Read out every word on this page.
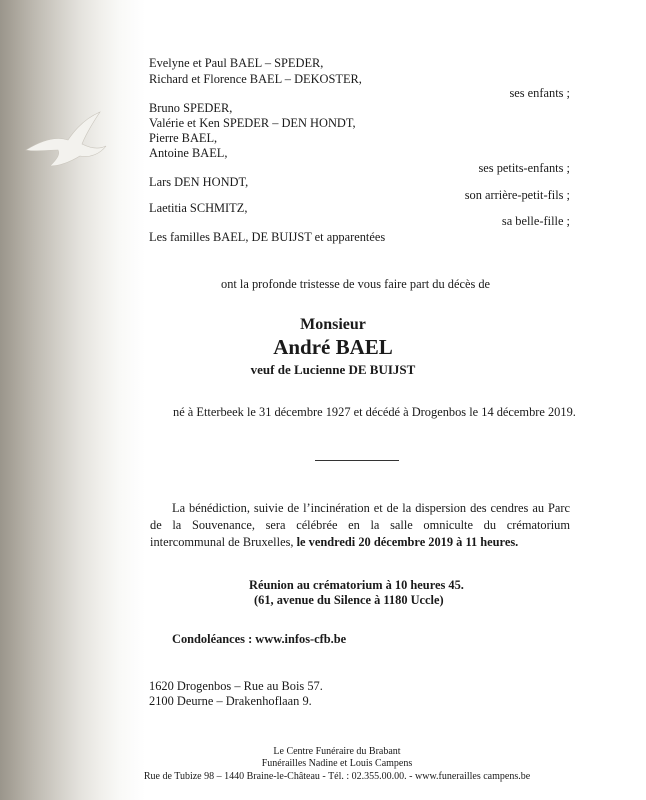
Evelyne et Paul BAEL – SPEDER,
Richard et Florence BAEL – DEKOSTER,
ses enfants ;
Bruno SPEDER,
Valérie et Ken SPEDER – DEN HONDT,
Pierre BAEL,
Antoine BAEL,
ses petits-enfants ;
Lars DEN HONDT,
son arrière-petit-fils ;
Laetitia SCHMITZ,
sa belle-fille ;
Les familles BAEL, DE BUIJST et apparentées
ont la profonde tristesse de vous faire part du décès de
Monsieur
André BAEL
veuf de Lucienne DE BUIJST
né à Etterbeek le 31 décembre 1927 et décédé à Drogenbos le 14 décembre 2019.
La bénédiction, suivie de l’incinération et de la dispersion des cendres au Parc de la Souvenance, sera célébrée en la salle omniculte du crématorium intercommunal de Bruxelles, le vendredi 20 décembre 2019 à 11 heures.
Réunion au crématorium à 10 heures 45.
(61, avenue du Silence à 1180 Uccle)
Condoléances : www.infos-cfb.be
1620 Drogenbos – Rue au Bois 57.
2100 Deurne – Drakenhoflaan 9.
Le Centre Funéraire du Brabant
Funérailles Nadine et Louis Campens
Rue de Tubize 98 – 1440 Braine-le-Château - Tél. : 02.355.00.00. - www.funerailles campens.be
